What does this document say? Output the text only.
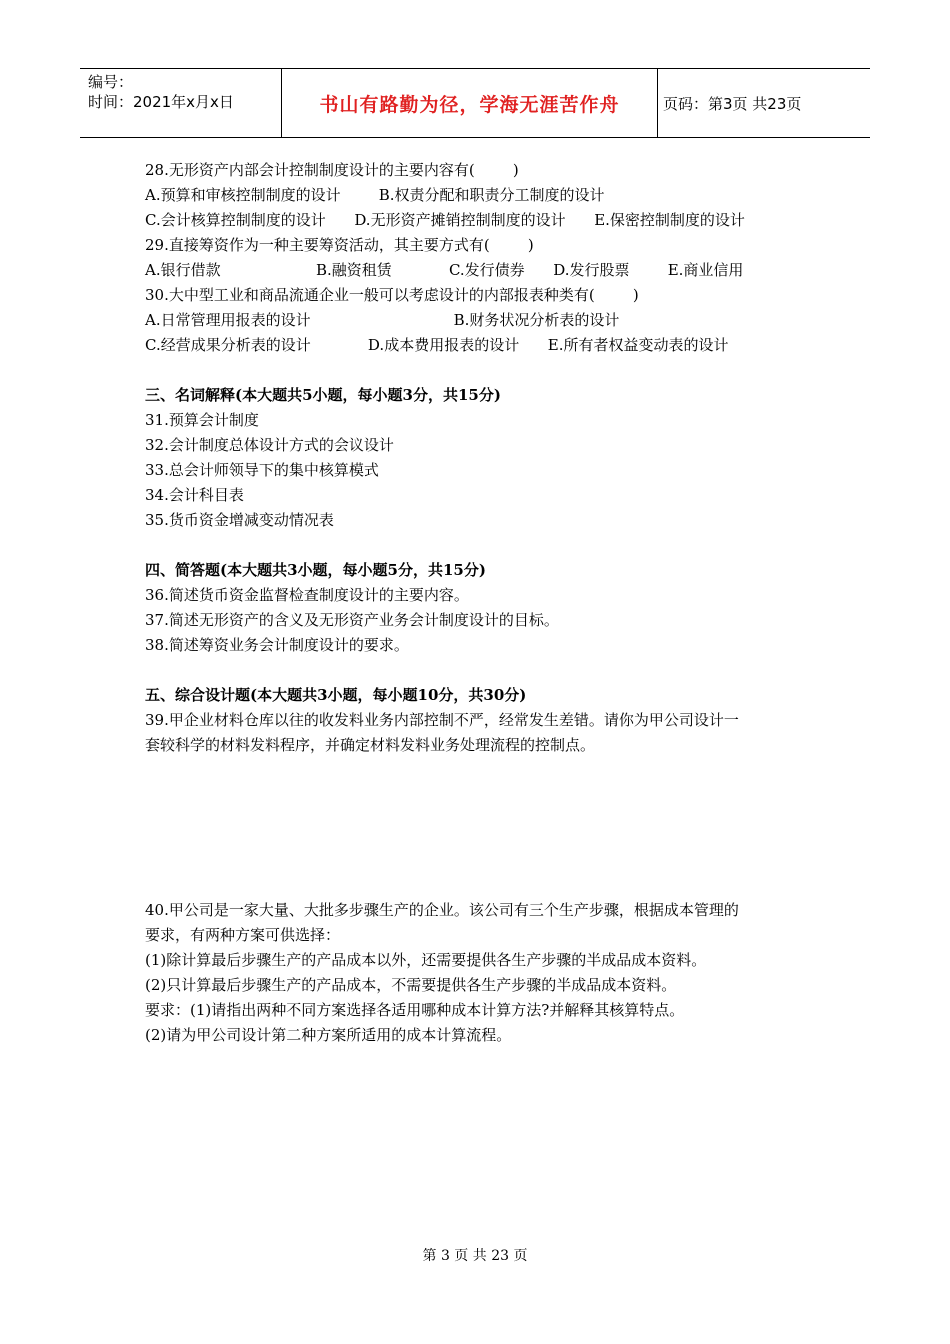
编号：
时间：2021年x月x日	书山有路勤为径，学海无涯苦作舟	页码：第3页 共23页
28.无形资产内部会计控制制度设计的主要内容有(        )
A.预算和审核控制制度的设计        B.权责分配和职责分工制度的设计
C.会计核算控制制度的设计      D.无形资产摊销控制制度的设计      E.保密控制制度的设计
29.直接筹资作为一种主要筹资活动，其主要方式有(        )
A.银行借款                    B.融资租赁            C.发行债券      D.发行股票        E.商业信用
30.大中型工业和商品流通企业一般可以考虑设计的内部报表种类有(        )
A.日常管理用报表的设计                              B.财务状况分析表的设计
C.经营成果分析表的设计            D.成本费用报表的设计      E.所有者权益变动表的设计
三、名词解释(本大题共5小题，每小题3分，共15分)
31.预算会计制度
32.会计制度总体设计方式的会议设计
33.总会计师领导下的集中核算模式
34.会计科目表
35.货币资金增减变动情况表
四、简答题(本大题共3小题，每小题5分，共15分)
36.简述货币资金监督检查制度设计的主要内容。
37.简述无形资产的含义及无形资产业务会计制度设计的目标。
38.简述筹资业务会计制度设计的要求。
五、综合设计题(本大题共3小题，每小题10分，共30分)
39.甲企业材料仓库以往的收发料业务内部控制不严，经常发生差错。请你为甲公司设计一
套较科学的材料发料程序，并确定材料发料业务处理流程的控制点。
40.甲公司是一家大量、大批多步骤生产的企业。该公司有三个生产步骤，根据成本管理的
要求，有两种方案可供选择：
(1)除计算最后步骤生产的产品成本以外，还需要提供各生产步骤的半成品成本资料。
(2)只计算最后步骤生产的产品成本，不需要提供各生产步骤的半成品成本资料。
要求：(1)请指出两种不同方案选择各适用哪种成本计算方法?并解释其核算特点。
(2)请为甲公司设计第二种方案所适用的成本计算流程。
第 3 页 共 23 页
